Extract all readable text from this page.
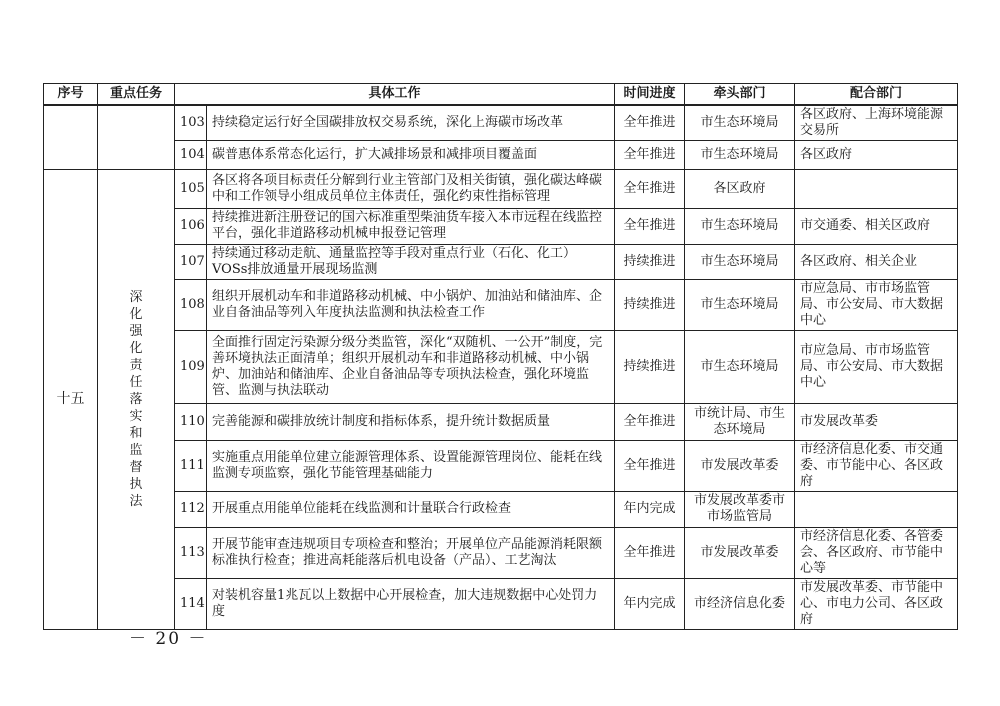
序号	重点任务	具体工作		时间进度	牵头部门	配合部门
		103	持续稳定运行好全国碳排放权交易系统，深化上海碳市场改革	全年推进	市生态环境局	各区政府、上海环境能源交易所
		104	碳普惠体系常态化运行，扩大减排场景和减排项目覆盖面	全年推进	市生态环境局	各区政府
十五	深化强化责任落实和监督执法	105	各区将各项目标责任分解到行业主管部门及相关街镇，强化碳达峰碳中和工作领导小组成员单位主体责任，强化约束性指标管理	全年推进	各区政府	
		106	持续推进新注册登记的国六标准重型柴油货车接入本市远程在线监控平台，强化非道路移动机械申报登记管理	全年推进	市生态环境局	市交通委、相关区政府
		107	持续通过移动走航、通量监控等手段对重点行业（石化、化工）VOSs排放通量开展现场监测	持续推进	市生态环境局	各区政府、相关企业
		108	组织开展机动车和非道路移动机械、中小锅炉、加油站和储油库、企业自备油品等列入年度执法监测和执法检查工作	持续推进	市生态环境局	市应急局、市市场监管局、市公安局、市大数据中心
		109	全面推行固定污染源分级分类监管，深化“双随机、一公开”制度，完善环境执法正面清单；组织开展机动车和非道路移动机械、中小锅炉、加油站和储油库、企业自备油品等专项执法检查，强化环境监管、监测与执法联动	持续推进	市生态环境局	市应急局、市市场监管局、市公安局、市大数据中心
		110	完善能源和碳排放统计制度和指标体系，提升统计数据质量	全年推进	市统计局、市生态环境局	市发展改革委
		111	实施重点用能单位建立能源管理体系、设置能源管理岗位、能耗在线监测专项监察，强化节能管理基础能力	全年推进	市发展改革委	市经济信息化委、市交通委、市节能中心、各区政府
		112	开展重点用能单位能耗在线监测和计量联合行政检查	年内完成	市发展改革委市市场监管局	
		113	开展节能审查违规项目专项检查和整治；开展单位产品能源消耗限额标准执行检查；推进高耗能落后机电设备（产品）、工艺淘汰	全年推进	市发展改革委	市经济信息化委、各管委会、各区政府、市节能中心等
		114	对装机容量1兆瓦以上数据中心开展检查，加大违规数据中心处罚力度	年内完成	市经济信息化委	市发展改革委、市节能中心、市电力公司、各区政府
－ 20 －
